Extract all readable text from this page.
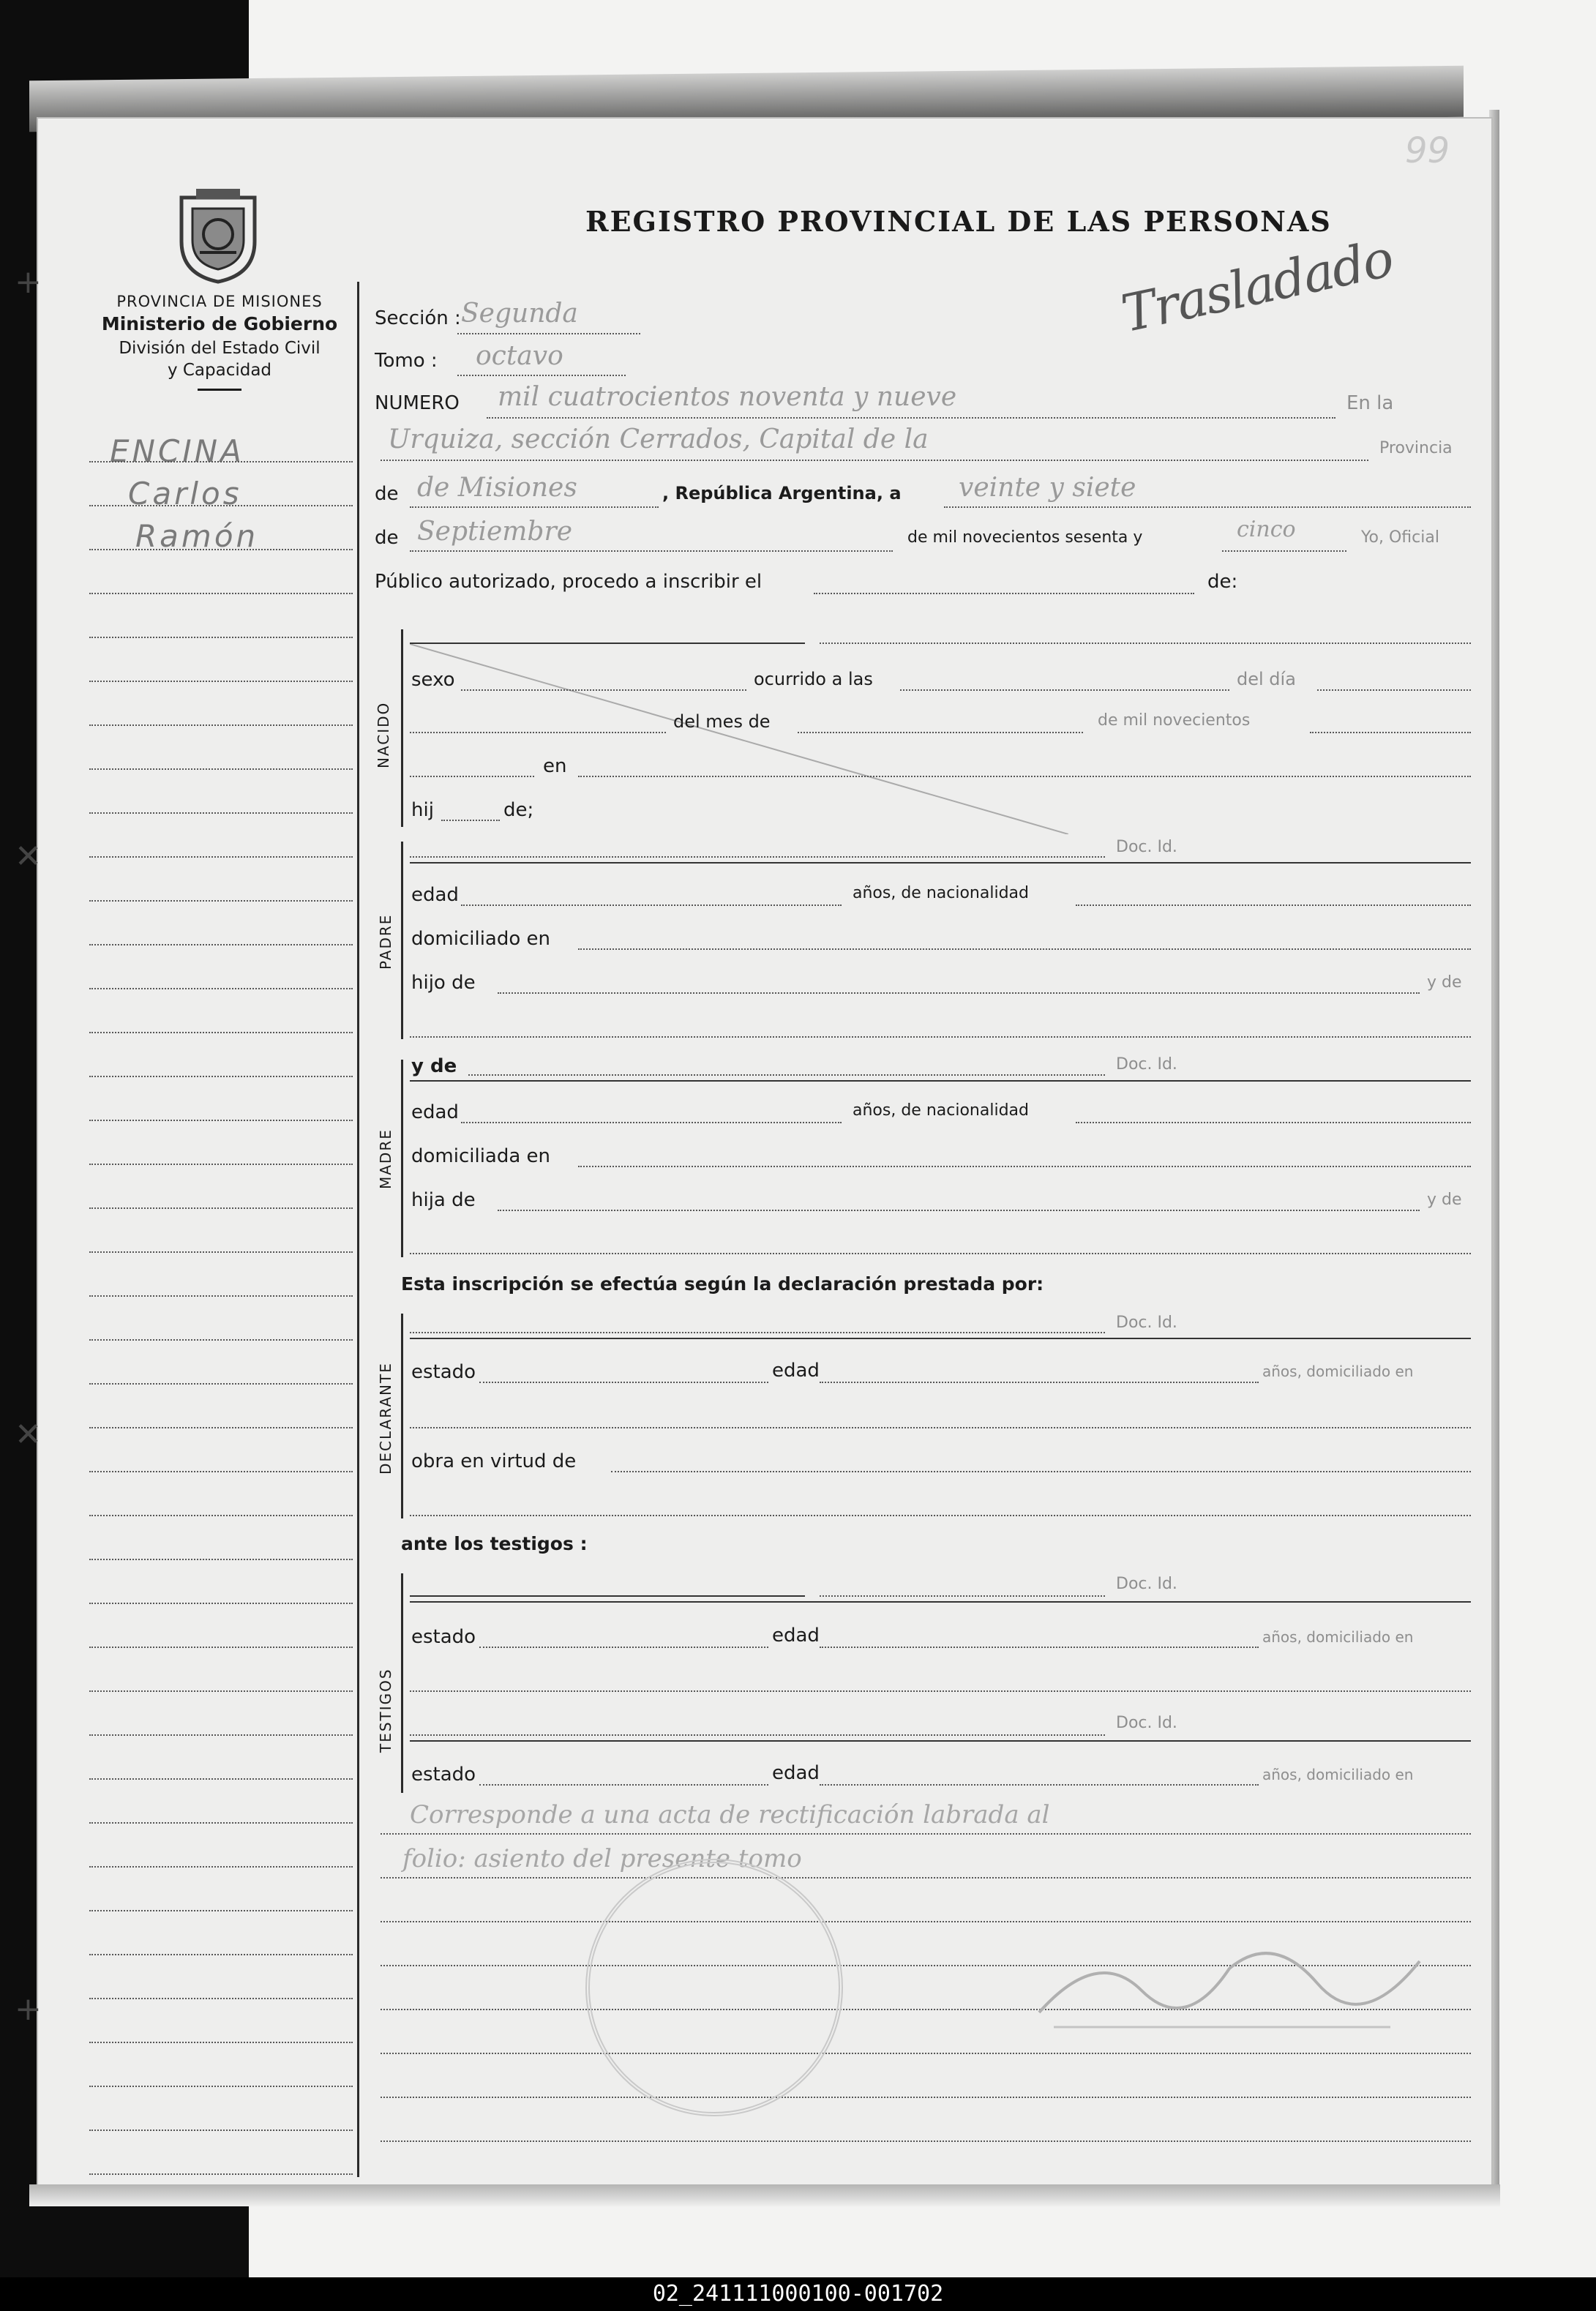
✕
✕
+
+
99
PROVINCIA DE MISIONES
Ministerio de Gobierno
División del Estado Civil
y Capacidad
ENCINA
Carlos
Ramón
REGISTRO PROVINCIAL DE LAS PERSONAS
Trasladado
Sección : Segunda
Tomo : octavo
NUMERO mil cuatrocientos noventa y nueve	En la
Urquiza, sección Cerrados, Capital de la	Provincia
de de Misiones	, República Argentina, a veinte y siete
de Septiembre	de mil novecientos sesenta y	cinco	Yo, Oficial
Público autorizado, procedo a inscribir el	de:
NACIDO
sexo	ocurrido a las	del día
del mes de	de mil novecientos
en
hij	de;
PADRE
Doc. Id.
edad	años, de nacionalidad
domiciliado en
hijo de	y de
MADRE
y de	Doc. Id.
edad	años, de nacionalidad
domiciliada en
hija de	y de
Esta inscripción se efectúa según la declaración prestada por:
DECLARANTE
Doc. Id.
estado	edad	años, domiciliado en
obra en virtud de
ante los testigos :
TESTIGOS
Doc. Id.
estado	edad	años, domiciliado en
Doc. Id.
estado	edad	años, domiciliado en
Corresponde a una acta de rectificación labrada al
folio: asiento del presente tomo
02_241111000100-001702
